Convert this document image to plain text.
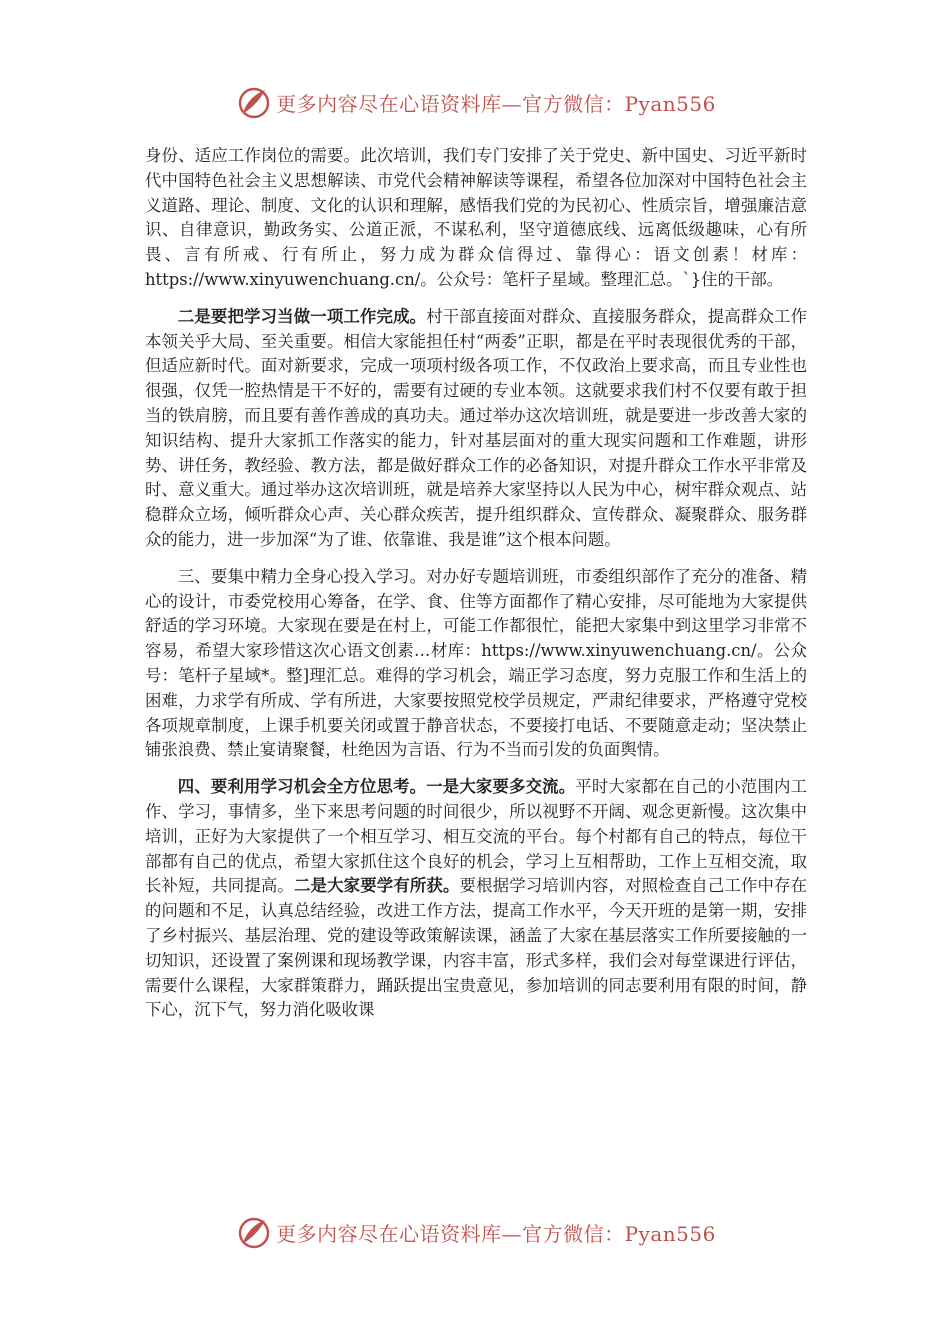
更多内容尽在心语资料库—官方微信：Pyan556

身份、适应工作岗位的需要。此次培训，我们专门安排了关于党史、新中国史、习近平新时代中国特色社会主义思想解读、市党代会精神解读等课程，希望各位加深对中国特色社会主义道路、理论、制度、文化的认识和理解，感悟我们党的为民初心、性质宗旨，增强廉洁意识、自律意识，勤政务实、公道正派，不谋私利，坚守道德底线、远离低级趣味，心有所畏、言有所戒、行有所止，努力成为群众信得过、靠得心：语文创素！材库：https://www.xinyuwenchuang.cn/。公众号：笔杆子星域。整理汇总。`}住的干部。

二是要把学习当做一项工作完成。村干部直接面对群众、直接服务群众，提高群众工作本领关乎大局、至关重要。相信大家能担任村“两委”正职，都是在平时表现很优秀的干部，但适应新时代。面对新要求，完成一项项村级各项工作，不仅政治上要求高，而且专业性也很强，仅凭一腔热情是干不好的，需要有过硬的专业本领。这就要求我们村不仅要有敢于担当的铁肩膀，而且要有善作善成的真功夫。通过举办这次培训班，就是要进一步改善大家的知识结构、提升大家抓工作落实的能力，针对基层面对的重大现实问题和工作难题，讲形势、讲任务，教经验、教方法，都是做好群众工作的必备知识，对提升群众工作水平非常及时、意义重大。通过举办这次培训班，就是培养大家坚持以人民为中心，树牢群众观点、站稳群众立场，倾听群众心声、关心群众疾苦，提升组织群众、宣传群众、凝聚群众、服务群众的能力，进一步加深“为了谁、依靠谁、我是谁”这个根本问题。

三、要集中精力全身心投入学习。对办好专题培训班，市委组织部作了充分的准备、精心的设计，市委党校用心筹备，在学、食、住等方面都作了精心安排，尽可能地为大家提供舒适的学习环境。大家现在要是在村上，可能工作都很忙，能把大家集中到这里学习非常不容易，希望大家珍惜这次心语文创素…材库：https://www.xinyuwenchuang.cn/。公众号：笔杆子星域*。整]理汇总。难得的学习机会，端正学习态度，努力克服工作和生活上的困难，力求学有所成、学有所进，大家要按照党校学员规定，严肃纪律要求，严格遵守党校各项规章制度，上课手机要关闭或置于静音状态，不要接打电话、不要随意走动；坚决禁止铺张浪费、禁止宴请聚餐，杜绝因为言语、行为不当而引发的负面舆情。

四、要利用学习机会全方位思考。一是大家要多交流。平时大家都在自己的小范围内工作、学习，事情多，坐下来思考问题的时间很少，所以视野不开阔、观念更新慢。这次集中培训，正好为大家提供了一个相互学习、相互交流的平台。每个村都有自己的特点，每位干部都有自己的优点，希望大家抓住这个良好的机会，学习上互相帮助，工作上互相交流，取长补短，共同提高。二是大家要学有所获。要根据学习培训内容，对照检查自己工作中存在的问题和不足，认真总结经验，改进工作方法，提高工作水平，今天开班的是第一期，安排了乡村振兴、基层治理、党的建设等政策解读课，涵盖了大家在基层落实工作所要接触的一切知识，还设置了案例课和现场教学课，内容丰富，形式多样，我们会对每堂课进行评估，需要什么课程，大家群策群力，踊跃提出宝贵意见，参加培训的同志要利用有限的时间，静下心，沉下气，努力消化吸收课

更多内容尽在心语资料库—官方微信：Pyan556
